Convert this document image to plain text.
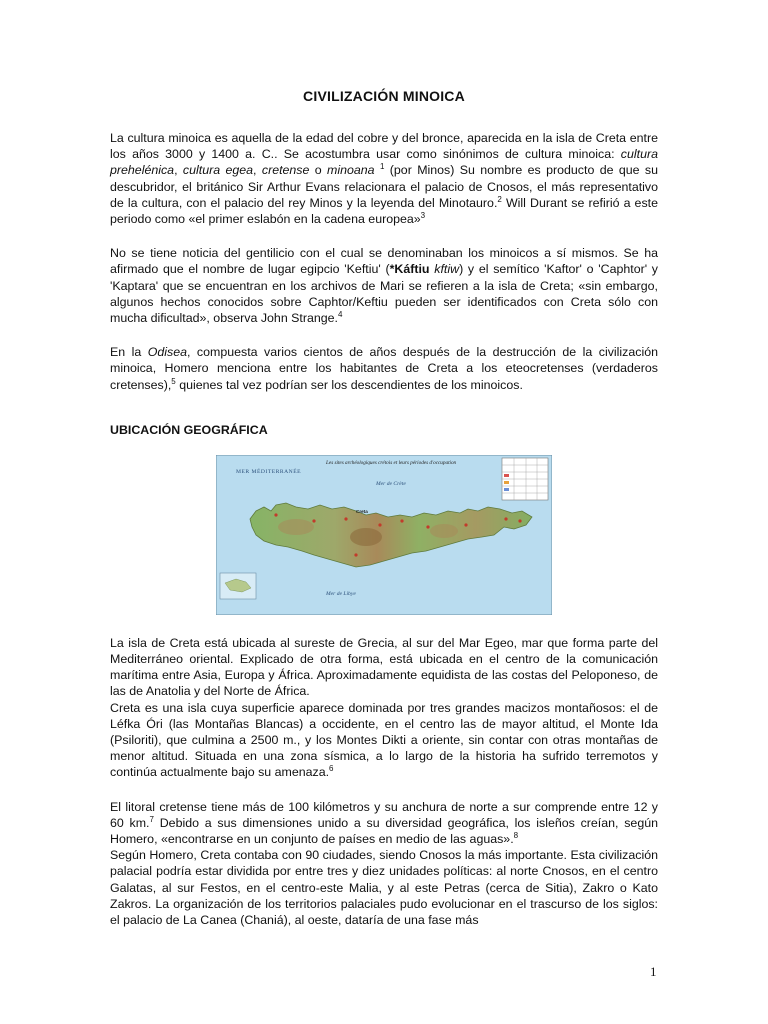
CIVILIZACIÓN MINOICA

La cultura minoica es aquella de la edad del cobre y del bronce, aparecida en la isla de Creta entre los años 3000 y 1400 a. C.. Se acostumbra usar como sinónimos de cultura minoica: cultura prehelénica, cultura egea, cretense o minoana $^1$ (por Minos) Su nombre es producto de que su descubridor, el británico Sir Arthur Evans relacionara el palacio de Cnosos, el más representativo de la cultura, con el palacio del rey Minos y la leyenda del Minotauro.$^2$ Will Durant se refirió a este periodo como «el primer eslabón en la cadena europea»$^3$

No se tiene noticia del gentilicio con el cual se denominaban los minoicos a sí mismos. Se ha afirmado que el nombre de lugar egipcio 'Keftiu' (*Káftiu kftiw) y el semítico 'Kaftor' o 'Caphtor' y 'Kaptara' que se encuentran en los archivos de Mari se refieren a la isla de Creta; «sin embargo, algunos hechos conocidos sobre Caphtor/Keftiu pueden ser identificados con Creta sólo con mucha dificultad», observa John Strange.$^4$

En la Odisea, compuesta varios cientos de años después de la destrucción de la civilización minoica, Homero menciona entre los habitantes de Creta a los eteocretenses (verdaderos cretenses),$^5$ quienes tal vez podrían ser los descendientes de los minoicos.

UBICACIÓN GEOGRÁFICA
Les sites archéologiques crétois et leurs périodes d'occupation
MER MÉDITERRANÉE
Mer de Crète
Creta
Mer de Libye

La isla de Creta está ubicada al sureste de Grecia, al sur del Mar Egeo, mar que forma parte del Mediterráneo oriental. Explicado de otra forma, está ubicada en el centro de la comunicación marítima entre Asia, Europa y África. Aproximadamente equidista de las costas del Peloponeso, de las de Anatolia y del Norte de África.

Creta es una isla cuya superficie aparece dominada por tres grandes macizos montañosos: el de Léfka Óri (las Montañas Blancas) a occidente, en el centro las de mayor altitud, el Monte Ida (Psiloriti), que culmina a 2500 m., y los Montes Dikti a oriente, sin contar con otras montañas de menor altitud. Situada en una zona sísmica, a lo largo de la historia ha sufrido terremotos y continúa actualmente bajo su amenaza.$^6$

El litoral cretense tiene más de 100 kilómetros y su anchura de norte a sur comprende entre 12 y 60 km.$^7$ Debido a sus dimensiones unido a su diversidad geográfica, los isleños creían, según Homero, «encontrarse en un conjunto de países en medio de las aguas».$^8$

Según Homero, Creta contaba con 90 ciudades, siendo Cnosos la más importante. Esta civilización palacial podría estar dividida por entre tres y diez unidades políticas: al norte Cnosos, en el centro Galatas, al sur Festos, en el centro-este Malia, y al este Petras (cerca de Sitia), Zakro o Kato Zakros. La organización de los territorios palaciales pudo evolucionar en el trascurso de los siglos: el palacio de La Canea (Chaniá), al oeste, dataría de una fase más

1
